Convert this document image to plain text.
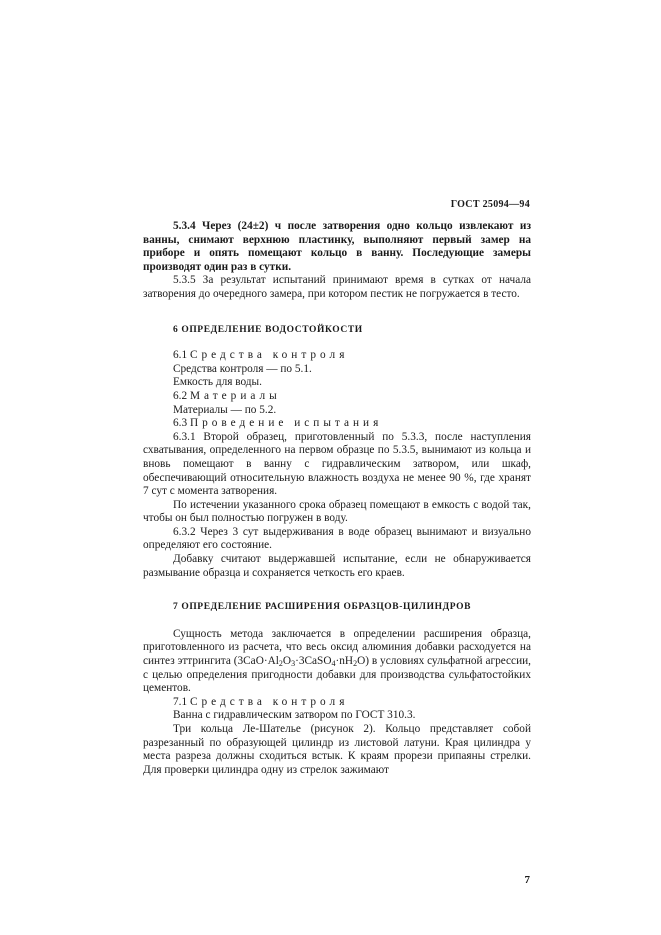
ГОСТ 25094—94

5.3.4 Через (24±2) ч после затворения одно кольцо извлекают из ванны, снимают верхнюю пластинку, выполняют первый замер на приборе и опять помещают кольцо в ванну. Последующие замеры производят один раз в сутки.

5.3.5 За результат испытаний принимают время в сутках от начала затворения до очередного замера, при котором пестик не погружается в тесто.

6 ОПРЕДЕЛЕНИЕ ВОДОСТОЙКОСТИ

6.1 Средства контроля

Средства контроля — по 5.1.

Емкость для воды.

6.2 Материалы

Материалы — по 5.2.

6.3 Проведение испытания

6.3.1 Второй образец, приготовленный по 5.3.3, после наступления схватывания, определенного на первом образце по 5.3.5, вынимают из кольца и вновь помещают в ванну с гидравлическим затвором, или шкаф, обеспечивающий относительную влажность воздуха не менее 90 %, где хранят 7 сут с момента затворения.

По истечении указанного срока образец помещают в емкость с водой так, чтобы он был полностью погружен в воду.

6.3.2 Через 3 сут выдерживания в воде образец вынимают и визуально определяют его состояние.

Добавку считают выдержавшей испытание, если не обнаруживается размывание образца и сохраняется четкость его краев.

7 ОПРЕДЕЛЕНИЕ РАСШИРЕНИЯ ОБРАЗЦОВ-ЦИЛИНДРОВ

Сущность метода заключается в определении расширения образца, приготовленного из расчета, что весь оксид алюминия добавки расходуется на синтез эттрингита $(3CaO\cdot Al_2O_3\cdot 3CaSO_4\cdot nH_2O)$ в условиях сульфатной агрессии, с целью определения пригодности добавки для производства сульфатостойких цементов.

7.1 Средства контроля

Ванна с гидравлическим затвором по ГОСТ 310.3.

Три кольца Ле-Шателье (рисунок 2). Кольцо представляет собой разрезанный по образующей цилиндр из листовой латуни. Края цилиндра у места разреза должны сходиться встык. К краям прорези припаяны стрелки. Для проверки цилиндра одну из стрелок зажимают

7
